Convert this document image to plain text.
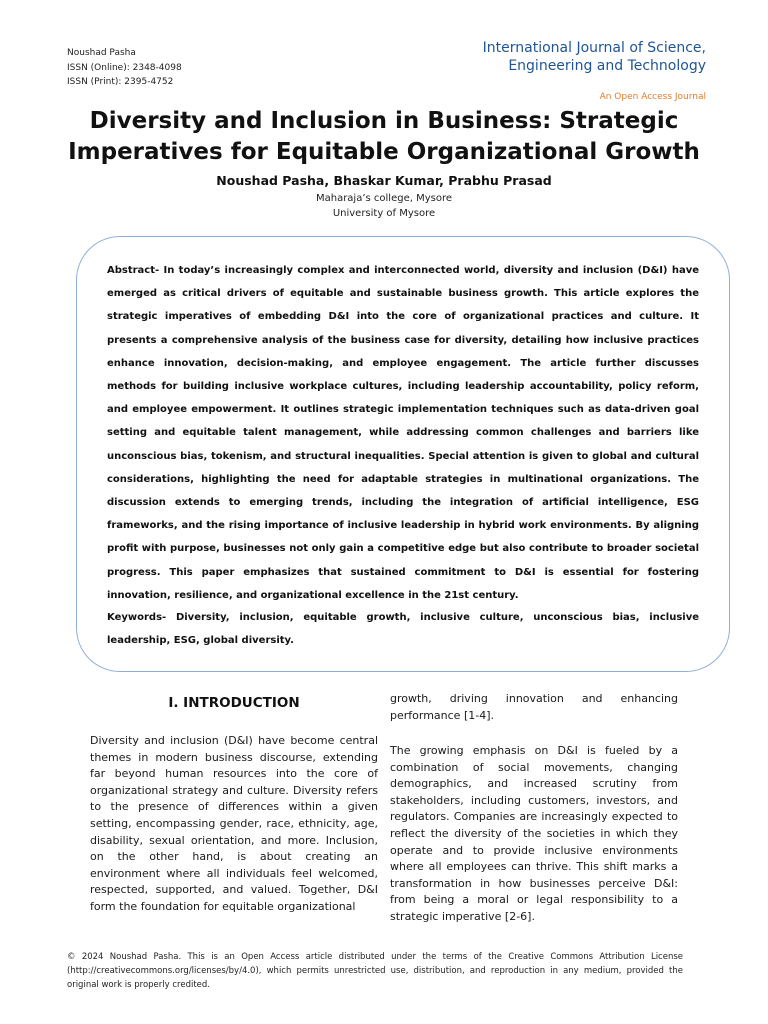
Noushad Pasha
ISSN (Online): 2348-4098
ISSN (Print): 2395-4752
International Journal of Science,
Engineering and Technology
An Open Access Journal
Diversity and Inclusion in Business: Strategic
Imperatives for Equitable Organizational Growth
Noushad Pasha, Bhaskar Kumar, Prabhu Prasad
Maharaja’s college, Mysore
University of Mysore
Abstract- In today’s increasingly complex and interconnected world, diversity and inclusion (D&I) have emerged as critical drivers of equitable and sustainable business growth. This article explores the strategic imperatives of embedding D&I into the core of organizational practices and culture. It presents a comprehensive analysis of the business case for diversity, detailing how inclusive practices enhance innovation, decision-making, and employee engagement. The article further discusses methods for building inclusive workplace cultures, including leadership accountability, policy reform, and employee empowerment. It outlines strategic implementation techniques such as data-driven goal setting and equitable talent management, while addressing common challenges and barriers like unconscious bias, tokenism, and structural inequalities. Special attention is given to global and cultural considerations, highlighting the need for adaptable strategies in multinational organizations. The discussion extends to emerging trends, including the integration of artificial intelligence, ESG frameworks, and the rising importance of inclusive leadership in hybrid work environments. By aligning profit with purpose, businesses not only gain a competitive edge but also contribute to broader societal progress. This paper emphasizes that sustained commitment to D&I is essential for fostering innovation, resilience, and organizational excellence in the 21st century.
Keywords- Diversity, inclusion, equitable growth, inclusive culture, unconscious bias, inclusive leadership, ESG, global diversity.
I. INTRODUCTION
Diversity and inclusion (D&I) have become central themes in modern business discourse, extending far beyond human resources into the core of organizational strategy and culture. Diversity refers to the presence of differences within a given setting, encompassing gender, race, ethnicity, age, disability, sexual orientation, and more. Inclusion, on the other hand, is about creating an environment where all individuals feel welcomed, respected, supported, and valued. Together, D&I form the foundation for equitable organizational
growth, driving innovation and enhancing performance [1-4].
The growing emphasis on D&I is fueled by a combination of social movements, changing demographics, and increased scrutiny from stakeholders, including customers, investors, and regulators. Companies are increasingly expected to reflect the diversity of the societies in which they operate and to provide inclusive environments where all employees can thrive. This shift marks a transformation in how businesses perceive D&I: from being a moral or legal responsibility to a strategic imperative [2-6].
© 2024 Noushad Pasha. This is an Open Access article distributed under the terms of the Creative Commons Attribution License (http://creativecommons.org/licenses/by/4.0), which permits unrestricted use, distribution, and reproduction in any medium, provided the original work is properly credited.
